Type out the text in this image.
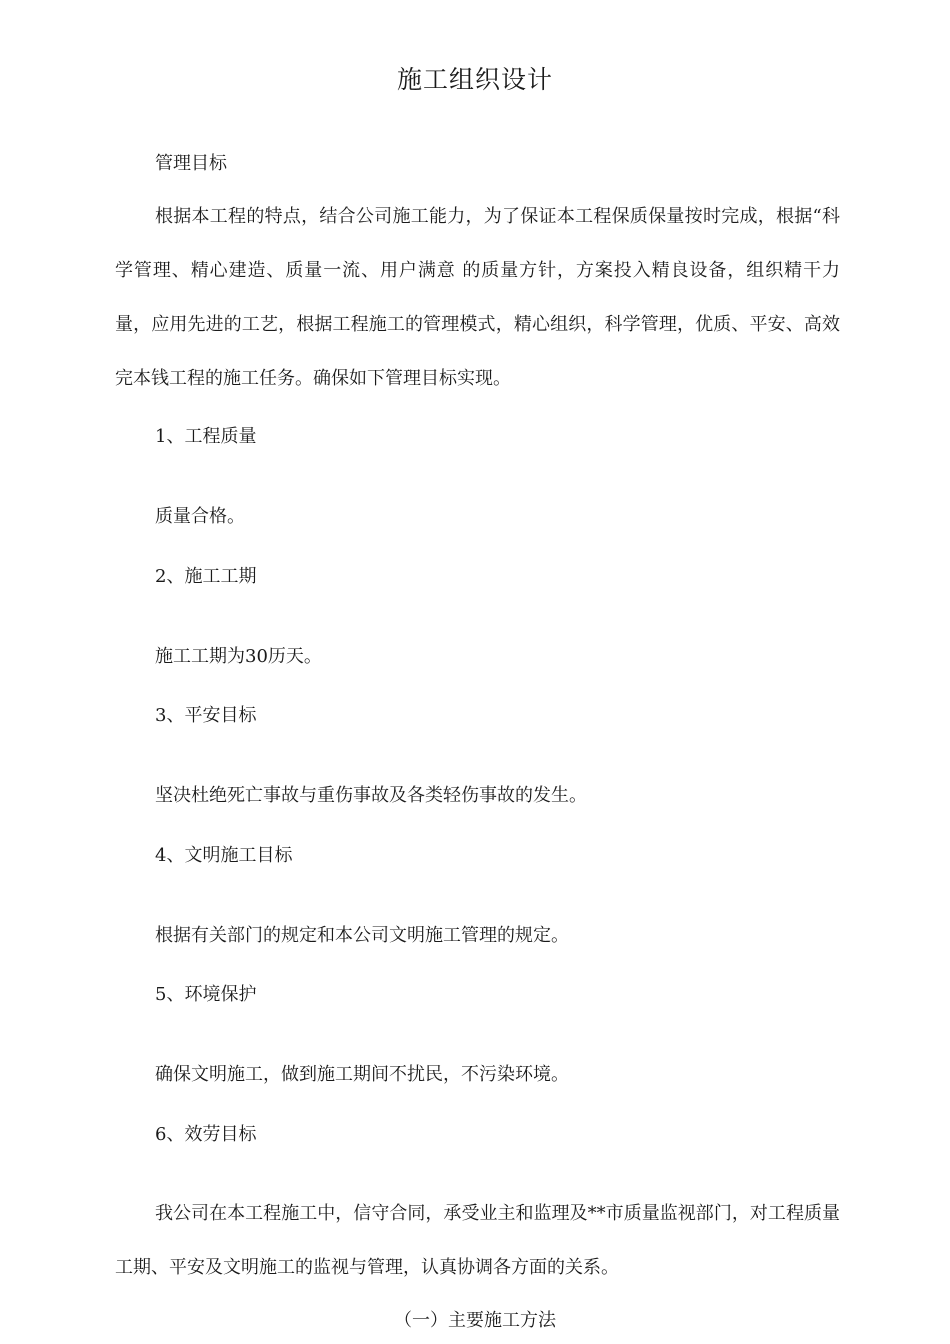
施工组织设计
管理目标
根据本工程的特点，结合公司施工能力，为了保证本工程保质保量按时完成，根据“科学管理、精心建造、质量一流、用户满意 的质量方针，方案投入精良设备，组织精干力量，应用先进的工艺，根据工程施工的管理模式，精心组织，科学管理，优质、平安、高效完本钱工程的施工任务。确保如下管理目标实现。
1、工程质量
质量合格。
2、施工工期
施工工期为30历天。
3、平安目标
坚决杜绝死亡事故与重伤事故及各类轻伤事故的发生。
4、文明施工目标
根据有关部门的规定和本公司文明施工管理的规定。
5、环境保护
确保文明施工，做到施工期间不扰民，不污染环境。
6、效劳目标
我公司在本工程施工中，信守合同，承受业主和监理及**市质量监视部门，对工程质量工期、平安及文明施工的监视与管理，认真协调各方面的关系。
（一）主要施工方法
